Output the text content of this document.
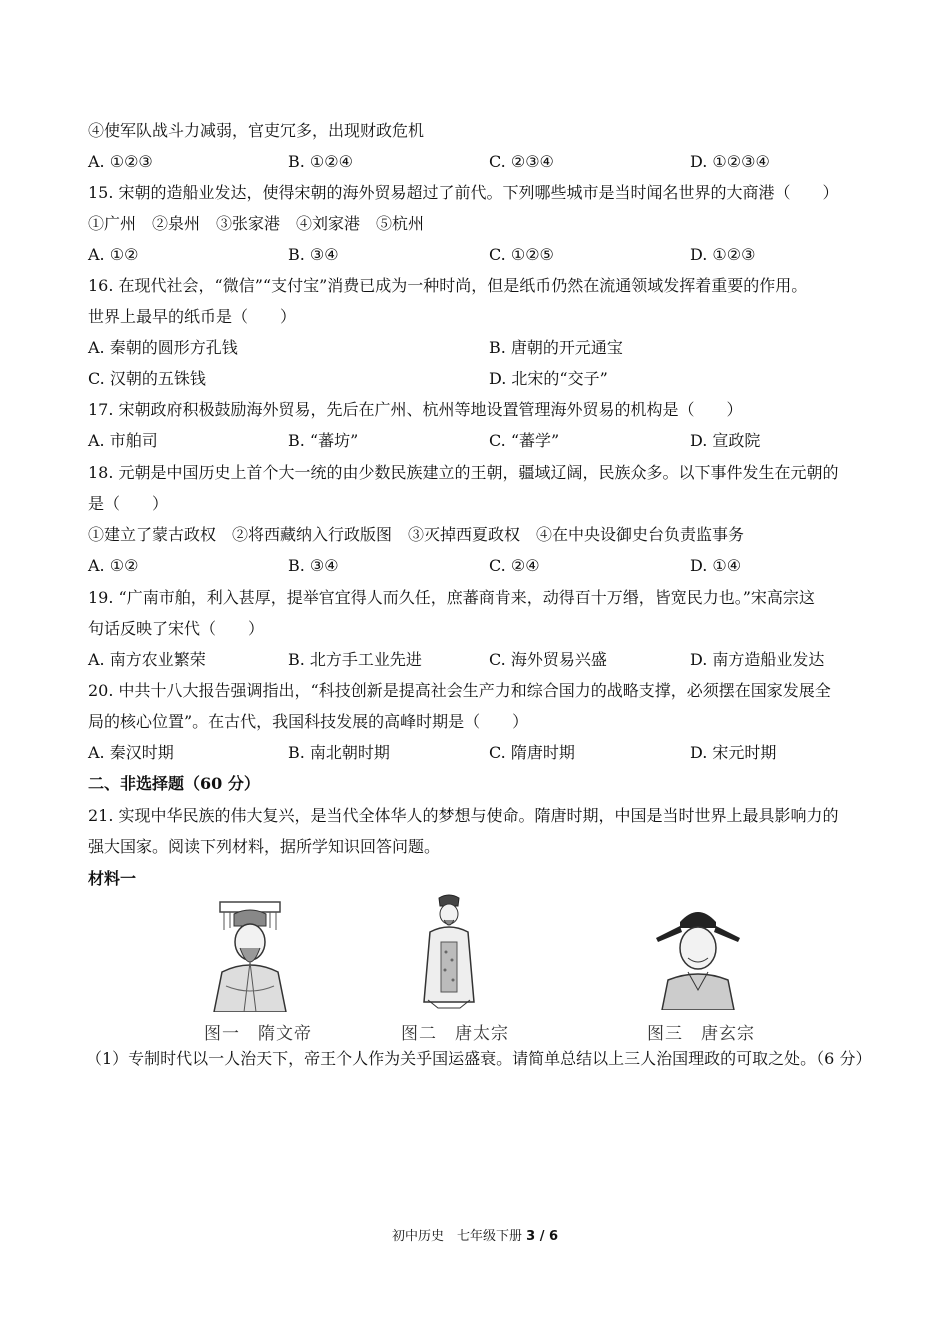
④使军队战斗力减弱，官吏冗多，出现财政危机
A. ①②③	B. ①②④	C. ②③④	D. ①②③④
15. 宋朝的造船业发达，使得宋朝的海外贸易超过了前代。下列哪些城市是当时闻名世界的大商港（　　）
①广州　②泉州　③张家港　④刘家港　⑤杭州
A. ①②	B. ③④	C. ①②⑤	D. ①②③
16. 在现代社会，“微信”“支付宝”消费已成为一种时尚，但是纸币仍然在流通领域发挥着重要的作用。
世界上最早的纸币是（　　）
A. 秦朝的圆形方孔钱	B. 唐朝的开元通宝
C. 汉朝的五铢钱	D. 北宋的“交子”
17. 宋朝政府积极鼓励海外贸易，先后在广州、杭州等地设置管理海外贸易的机构是（　　）
A. 市舶司	B. “蕃坊”	C. “蕃学”	D. 宣政院
18. 元朝是中国历史上首个大一统的由少数民族建立的王朝，疆域辽阔，民族众多。以下事件发生在元朝的
是（　　）
①建立了蒙古政权　②将西藏纳入行政版图　③灭掉西夏政权　④在中央设御史台负责监事务
A. ①②	B. ③④	C. ②④	D. ①④
19. “广南市舶，利入甚厚，提举官宜得人而久任，庶蕃商肯来，动得百十万缗，皆宽民力也。”宋高宗这
句话反映了宋代（　　）
A. 南方农业繁荣	B. 北方手工业先进	C. 海外贸易兴盛	D. 南方造船业发达
20. 中共十八大报告强调指出，“科技创新是提高社会生产力和综合国力的战略支撑，必须摆在国家发展全
局的核心位置”。在古代，我国科技发展的高峰时期是（　　）
A. 秦汉时期	B. 南北朝时期	C. 隋唐时期	D. 宋元时期
二、非选择题（60 分）
21. 实现中华民族的伟大复兴，是当代全体华人的梦想与使命。隋唐时期，中国是当时世界上最具影响力的
强大国家。阅读下列材料，据所学知识回答问题。
材料一
图一　隋文帝	图二　唐太宗	图三　唐玄宗
（1）专制时代以一人治天下，帝王个人作为关乎国运盛衰。请简单总结以上三人治国理政的可取之处。（6 分）
初中历史　七年级下册 3 / 6
